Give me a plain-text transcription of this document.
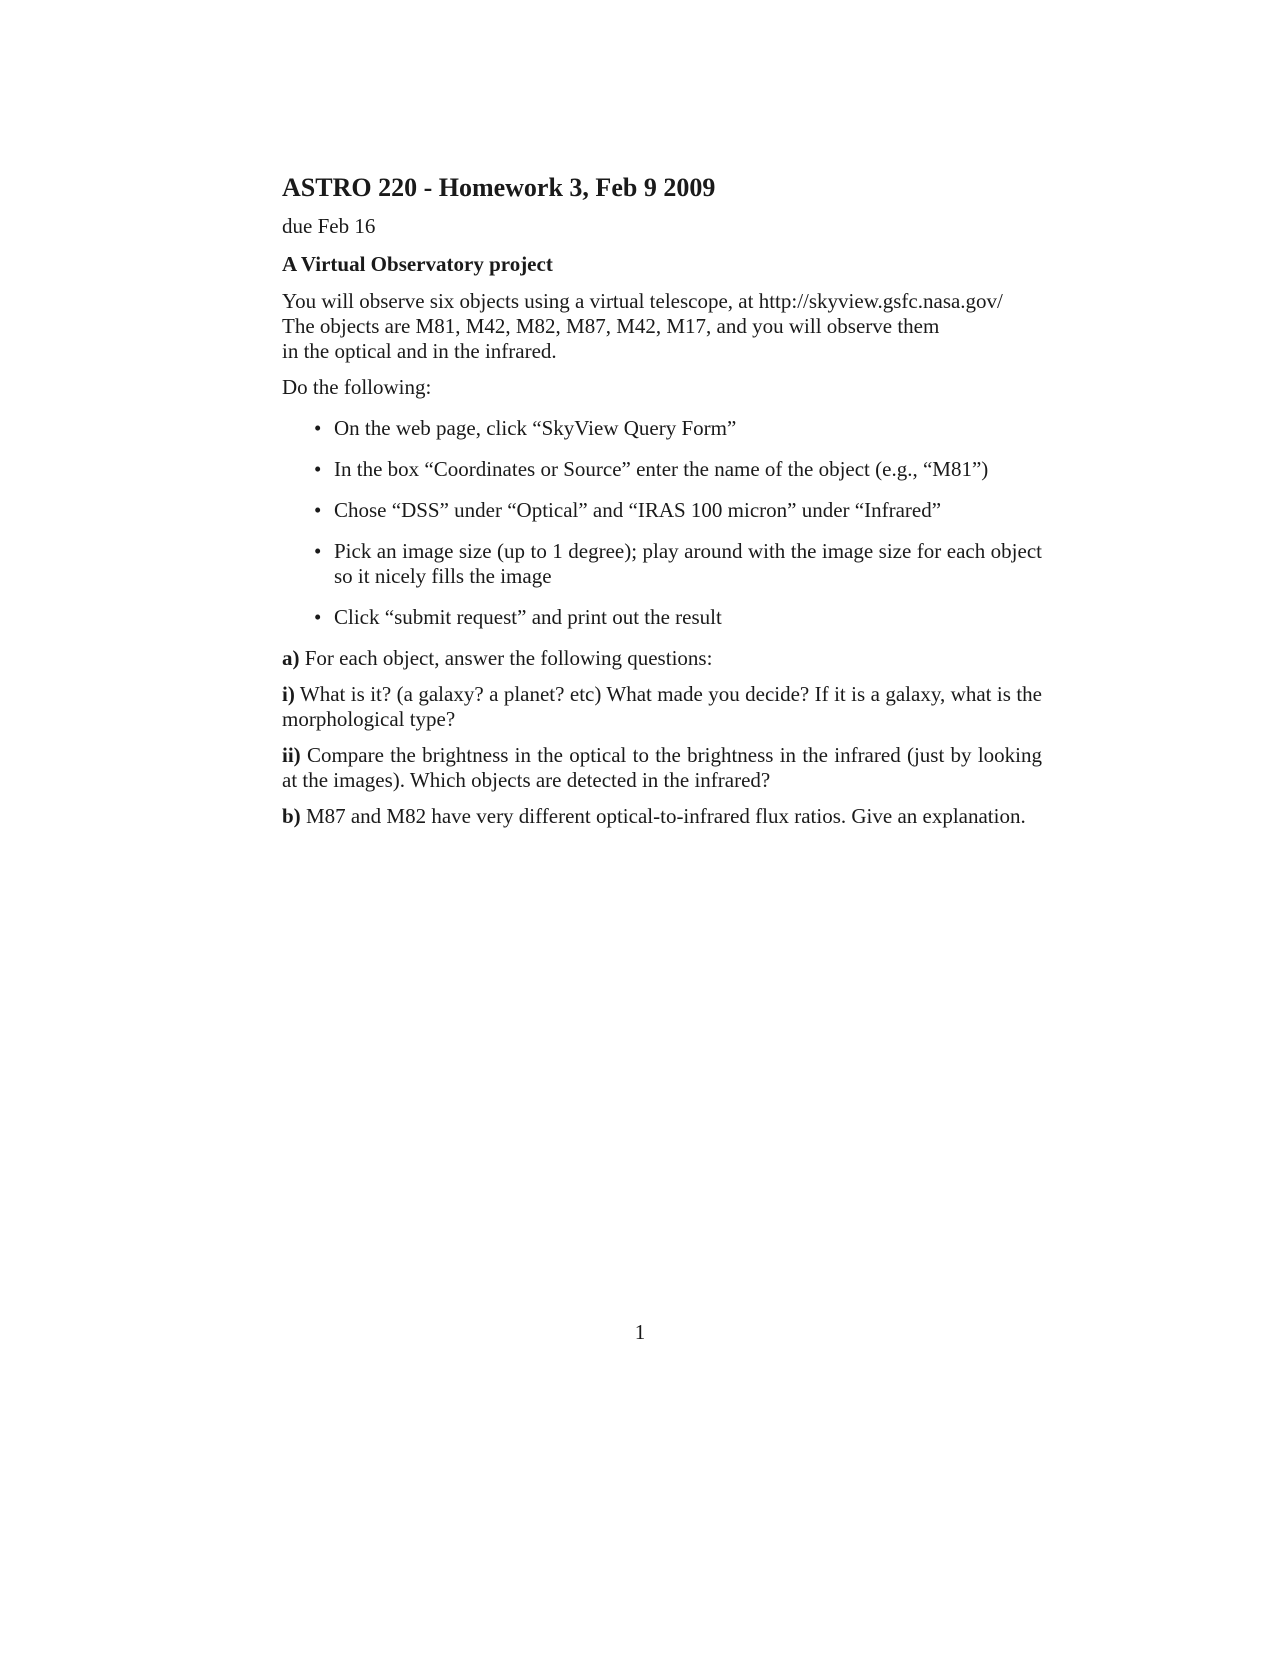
ASTRO 220 - Homework 3, Feb 9 2009
due Feb 16
A Virtual Observatory project

You will observe six objects using a virtual telescope, at http://skyview.gsfc.nasa.gov/
The objects are M81, M42, M82, M87, M42, M17, and you will observe them
in the optical and in the infrared.

Do the following:

• On the web page, click “SkyView Query Form”
• In the box “Coordinates or Source” enter the name of the object (e.g., “M81”)
• Chose “DSS” under “Optical” and “IRAS 100 micron” under “Infrared”
• Pick an image size (up to 1 degree); play around with the image size for each object so it nicely fills the image
• Click “submit request” and print out the result

a) For each object, answer the following questions:

i) What is it? (a galaxy? a planet? etc) What made you decide? If it is a galaxy, what is the morphological type?

ii) Compare the brightness in the optical to the brightness in the infrared (just by looking at the images). Which objects are detected in the infrared?

b) M87 and M82 have very different optical-to-infrared flux ratios. Give an explanation.

1
